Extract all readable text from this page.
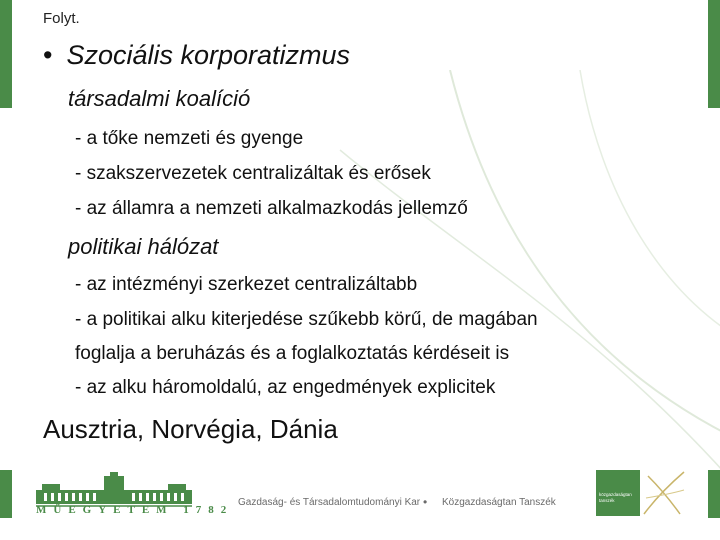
Folyt.
• Szociális korporatizmus
társadalmi koalíció
- a tőke nemzeti és gyenge
- szakszervezetek centralizáltak és erősek
- az államra a nemzeti alkalmazkodás jellemző
politikai hálózat
- az intézményi szerkezet centralizáltabb
- a politikai alku kiterjedése szűkebb körű, de magában
foglalja a beruházás és a foglalkoztatás kérdéseit is
- az alku háromoldalú, az engedmények explicitek
Ausztria, Norvégia, Dánia
MŰEGYETEM 1782
Gazdaság- és Társadalomtudományi Kar • Közgazdaságtan Tanszék
közgazdaságtan tanszék
